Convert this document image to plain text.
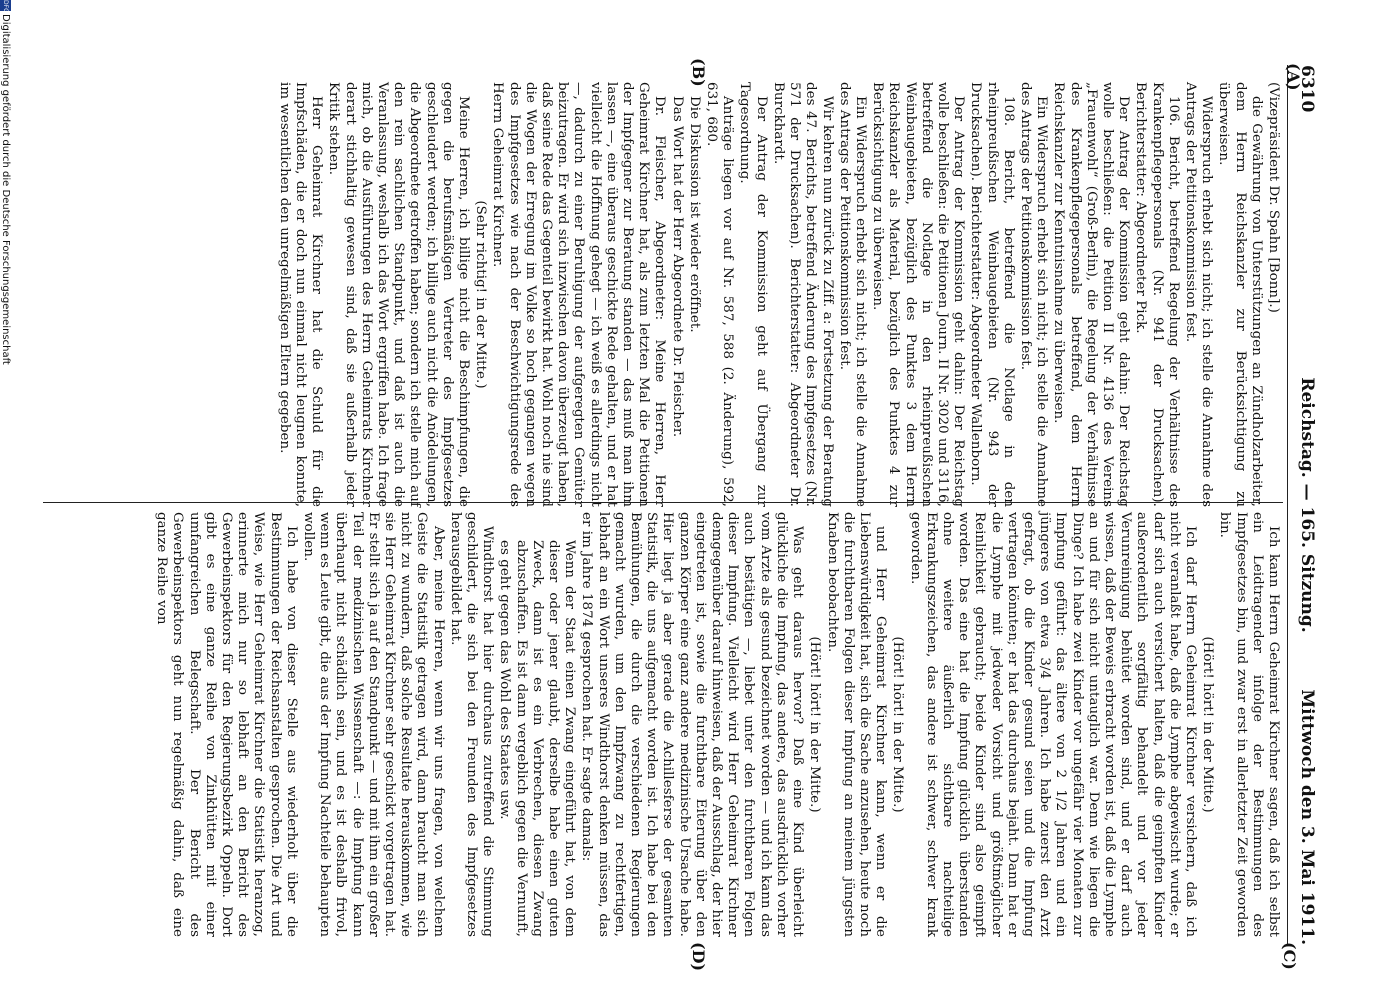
6310
Reichstag. — 165. Sitzung.
Mittwoch den 3. Mai 1911.
(A)
(B)
(C)
(D)

(Vizepräsident Dr. Spahn [Bonn].)

die Gewährung von Unterstützungen an Zündholzarbeiter, dem Herrn Reichskanzler zur Berücksichtigung zu überweisen.

Widerspruch erhebt sich nicht; ich stelle die Annahme des Antrags der Petitionskommission fest.

106. Bericht, betreffend Regelung der Verhältnisse des Krankenpflegepersonals (Nr. 941 der Drucksachen). Berichterstatter: Abgeordneter Pick.

Der Antrag der Kommission geht dahin: Der Reichstag wolle beschließen: die Petition II Nr. 4136 des Vereins „Frauenwohl“ (Groß-Berlin), die Regelung der Verhältnisse des Krankenpflegepersonals betreffend, dem Herrn Reichskanzler zur Kenntnisnahme zu überweisen.

Ein Widerspruch erhebt sich nicht; ich stelle die Annahme des Antrags der Petitionskommission fest.

108. Bericht, betreffend die Notlage in den rheinpreußischen Weinbaugebieten (Nr. 943 der Drucksachen). Berichterstatter: Abgeordneter Wallenborn.

Der Antrag der Kommission geht dahin: Der Reichstag wolle beschließen: die Petitionen Journ. II Nr. 3020 und 3116, betreffend die Notlage in den rheinpreußischen Weinbaugebieten, bezüglich des Punktes 3 dem Herrn Reichskanzler als Material, bezüglich des Punktes 4 zur Berücksichtigung zu überweisen.

Ein Widerspruch erhebt sich nicht; ich stelle die Annahme des Antrags der Petitionskommission fest.

Wir kehren nun zurück zu Ziff. a: Fortsetzung der Beratung des 47. Berichts, betreffend Änderung des Impfgesetzes (Nr. 571 der Drucksachen). Berichterstatter: Abgeordneter Dr. Burckhardt.

Der Antrag der Kommission geht auf Übergang zur Tagesordnung.

Anträge liegen vor auf Nr. 587, 588 (2. Änderung), 592, 631, 680.

Die Diskussion ist wieder eröffnet.

Das Wort hat der Herr Abgeordnete Dr. Fleischer.

Dr. Fleischer, Abgeordneter: Meine Herren, Herr Geheimrat Kirchner hat, als zum letzten Mal die Petitionen der Impfgegner zur Beratung standen — das muß man ihm lassen —, eine überaus geschickte Rede gehalten, und er hat vielleicht die Hoffnung gehegt — ich weiß es allerdings nicht —, dadurch zu einer Beruhigung der aufgeregten Gemüter beizutragen. Er wird sich inzwischen davon überzeugt haben, daß seine Rede das Gegenteil bewirkt hat. Wohl noch nie sind die Wogen der Erregung im Volke so hoch gegangen wegen des Impfgesetzes wie nach der Beschwichtigungsrede des Herrn Geheimrat Kirchner.

(Sehr richtig! in der Mitte.)

Meine Herren, ich billige nicht die Beschimpfungen, die gegen die berufsmäßigen Vertreter des Impfgesetzes geschleudert werden; ich billige auch nicht die Anödelungen, die Abgeordnete getroffen haben; sondern ich stelle mich auf den rein sachlichen Standpunkt, und daß ist auch die Veranlassung, weshalb ich das Wort ergriffen habe. Ich frage mich, ob die Ausführungen des Herrn Geheimrats Kirchner derart stichhaltig gewesen sind, daß sie außerhalb jeder Kritik stehen.

Herr Geheimrat Kirchner hat die Schuld für die Impfschäden, die er doch nun einmal nicht leugnen konnte, im wesentlichen den unregelmäßigen Eltern gegeben.

Ich kann Herrn Geheimrat Kirchner sagen, daß ich selbst ein Leidtragender infolge der Bestimmungen des Impfgesetzes bin, und zwar erst in allerletzter Zeit geworden bin.

(Hört! hört! in der Mitte.)

Ich darf Herrn Geheimrat Kirchner versichern, daß ich nicht veranlaßt habe, daß die Lymphe abgewischt wurde; er darf sich auch versichert halten, daß die geimpften Kinder außerordentlich sorgfältig behandelt und vor jeder Verunreinigung behütet worden sind, und er darf auch wissen, daß der Beweis erbracht worden ist, daß die Lymphe an und für sich nicht untauglich war. Denn wie liegen die Dinge? Ich habe zwei Kinder vor ungefähr vier Monaten zur Impfung geführt: das ältere von 2 1/2 Jahren und ein jüngeres von etwa 3/4 Jahren. Ich habe zuerst den Arzt gefragt, ob die Kinder gesund seien und die Impfung vertragen könnten; er hat das durchaus bejaht. Dann hat er die Lymphe mit jedweder Vorsicht und größtmöglicher Reinlichkeit gebraucht; beide Kinder sind also geimpft worden. Das eine hat die Impfung glücklich überstanden ohne weitere äußerlich sichtbare nachteilige Erkrankungszeichen, das andere ist schwer, schwer krank geworden.

(Hört! hört! in der Mitte.)

und Herr Geheimrat Kirchner kann, wenn er die Liebenswürdigkeit hat, sich die Sache anzusehen, heute noch die furchtbaren Folgen dieser Impfung an meinem jüngsten Knaben beobachten.

(Hört! hört! in der Mitte.)

Was geht daraus hervor? Daß eine Kind überleicht glückliche die Impfung, das andere, das ausdrücklich vorher vom Arzte als gesund bezeichnet worden — und ich kann das auch bestätigen —, liebet unter den furchtbaren Folgen dieser Impfung. Vielleicht wird Herr Geheimrat Kirchner demgegenüber darauf hinweisen, daß der Ausschlag, der hier eingetreten ist, sowie die furchtbare Eiterung über den ganzen Körper eine ganz andere medizinische Ursache habe. Hier liegt ja aber gerade die Achillesferse der gesamten Statistik, die uns aufgemacht worden ist. Ich habe bei den Bemühungen, die durch die verschiedenen Regierungen gemacht wurden, um den Impfzwang zu rechtfertigen, lebhaft an ein Wort unseres Windthorst denken müssen, das er im Jahre 1874 gesprochen hat. Er sagte damals:

Wenn der Staat einen Zwang eingeführt hat, von dem dieser oder jener glaubt, derselbe habe einen guten Zweck, dann ist es ein Verbrechen, diesen Zwang abzuschaffen. Es ist dann vergeblich gegen die Vernunft, es geht gegen das Wohl des Staates usw.

Windthorst hat hier durchaus zutreffend die Stimmung geschildert, die sich bei den Freunden des Impfgesetzes herausgebildet hat.

Aber, meine Herren, wenn wir uns fragen, von welchem Geiste die Statistik getragen wird, dann braucht man sich nicht zu wundern, daß solche Resultate herauskommen, wie sie Herr Geheimrat Kirchner sehr geschickt vorgetragen hat. Er stellt sich ja auf den Standpunkt — und mit ihm ein großer Teil der medizinischen Wissenschaft —: die Impfung kann überhaupt nicht schädlich sein, und es ist deshalb frivol, wenn es Leute gibt, die aus der Impfung Nachteile behaupten wollen.

Ich habe von dieser Stelle aus wiederholt über die Bestimmungen der Reichsanstalten gesprochen. Die Art und Weise, wie Herr Geheimrat Kirchner die Statistik heranzog, erinnerte mich nur so lebhaft an den Bericht des Gewerbeinspektors für den Regierungsbezirk Oppeln. Dort gibt es eine ganze Reihe von Zinkhütten mit einer umfangreichen Belegschaft. Der Bericht des Gewerbeinspektors geht nun regelmäßig dahin, daß eine ganze Reihe von

DFG
Digitalisierung gefördert durch die Deutsche Forschungsgemeinschaft
